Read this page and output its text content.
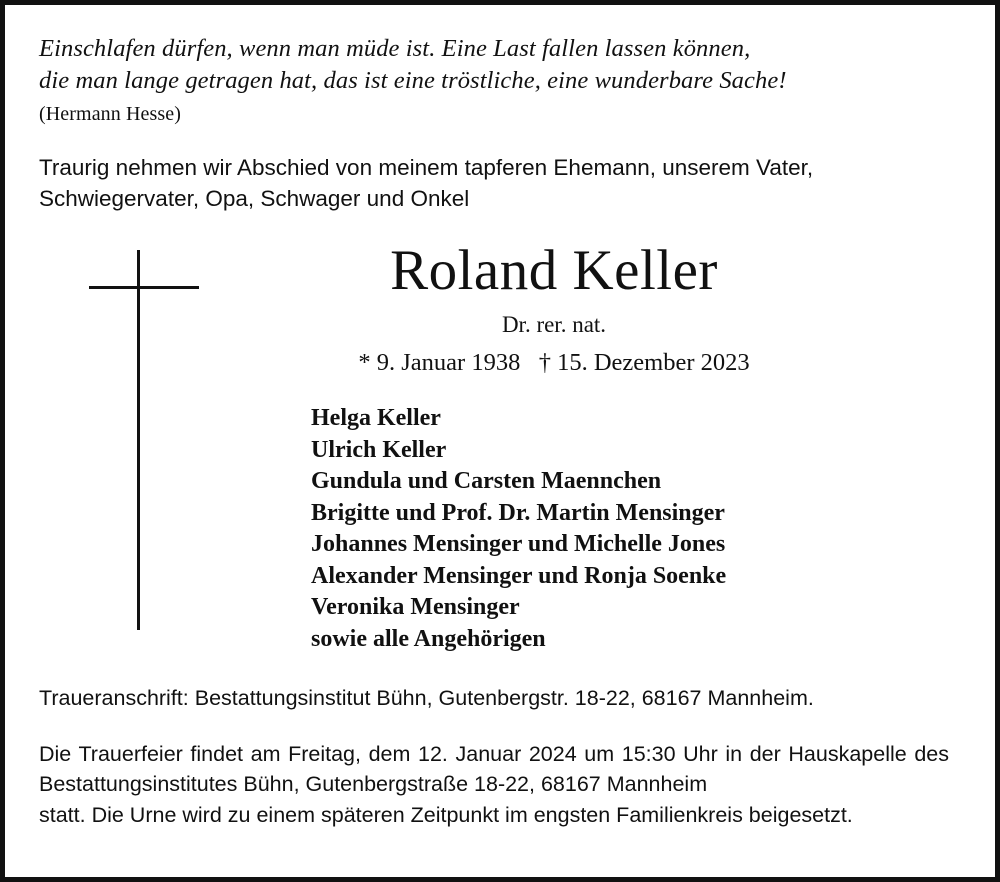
Einschlafen dürfen, wenn man müde ist. Eine Last fallen lassen können,
die man lange getragen hat, das ist eine tröstliche, eine wunderbare Sache!
(Hermann Hesse)
Traurig nehmen wir Abschied von meinem tapferen Ehemann, unserem Vater,
Schwiegervater, Opa, Schwager und Onkel
Roland Keller
Dr. rer. nat.
* 9. Januar 1938   † 15. Dezember 2023
Helga Keller
Ulrich Keller
Gundula und Carsten Maennchen
Brigitte und Prof. Dr. Martin Mensinger
Johannes Mensinger und Michelle Jones
Alexander Mensinger und Ronja Soenke
Veronika Mensinger
sowie alle Angehörigen
Traueranschrift: Bestattungsinstitut Bühn, Gutenbergstr. 18-22, 68167 Mannheim.
Die Trauerfeier findet am Freitag, dem 12. Januar 2024 um 15:30 Uhr in der Hauskapelle des Bestattungsinstitutes Bühn, Gutenbergstraße 18-22, 68167 Mannheim
statt. Die Urne wird zu einem späteren Zeitpunkt im engsten Familienkreis beigesetzt.
